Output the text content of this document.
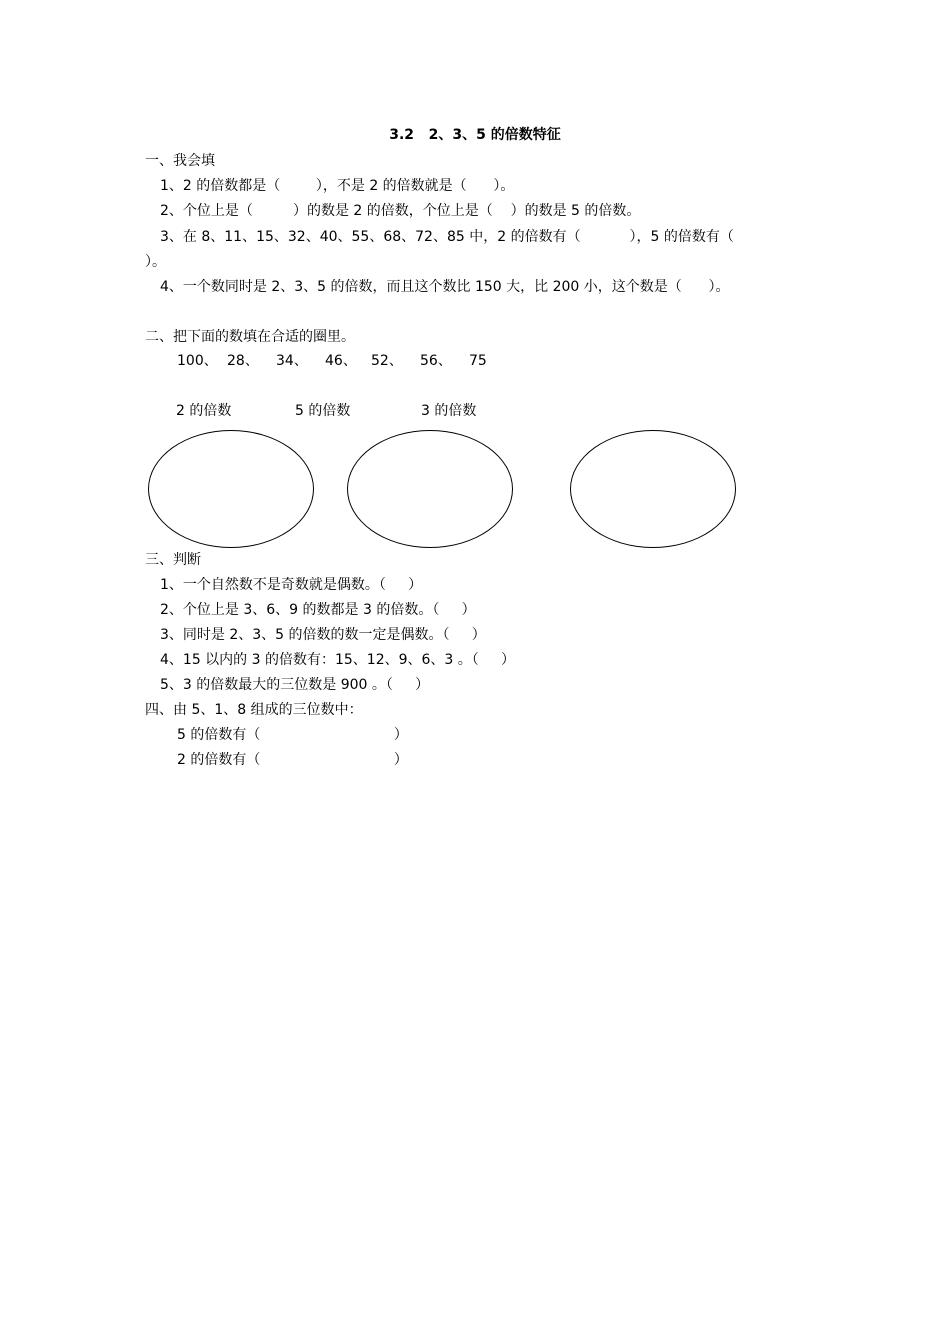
3.2   2、3、5 的倍数特征
一、我会填
1、2 的倍数都是（        ），不是 2 的倍数就是（      ）。
2、个位上是（         ）的数是 2 的倍数，个位上是（    ）的数是 5 的倍数。
3、在 8、11、15、32、40、55、68、72、85 中，2 的倍数有（           ），5 的倍数有（
）。
4、一个数同时是 2、3、5 的倍数，而且这个数比 150 大，比 200 小，这个数是（      ）。
二、把下面的数填在合适的圈里。
100、 28、 34、 46、 52、 56、 75
2 的倍数	5 的倍数	3 的倍数
三、判断
1、一个自然数不是奇数就是偶数。（     ）
2、个位上是 3、6、9 的数都是 3 的倍数。（     ）
3、同时是 2、3、5 的倍数的数一定是偶数。（     ）
4、15 以内的 3 的倍数有：15、12、9、6、3 。（     ）
5、3 的倍数最大的三位数是 900 。（     ）
四、由 5、1、8 组成的三位数中：
5 的倍数有（                              ）
2 的倍数有（                              ）
